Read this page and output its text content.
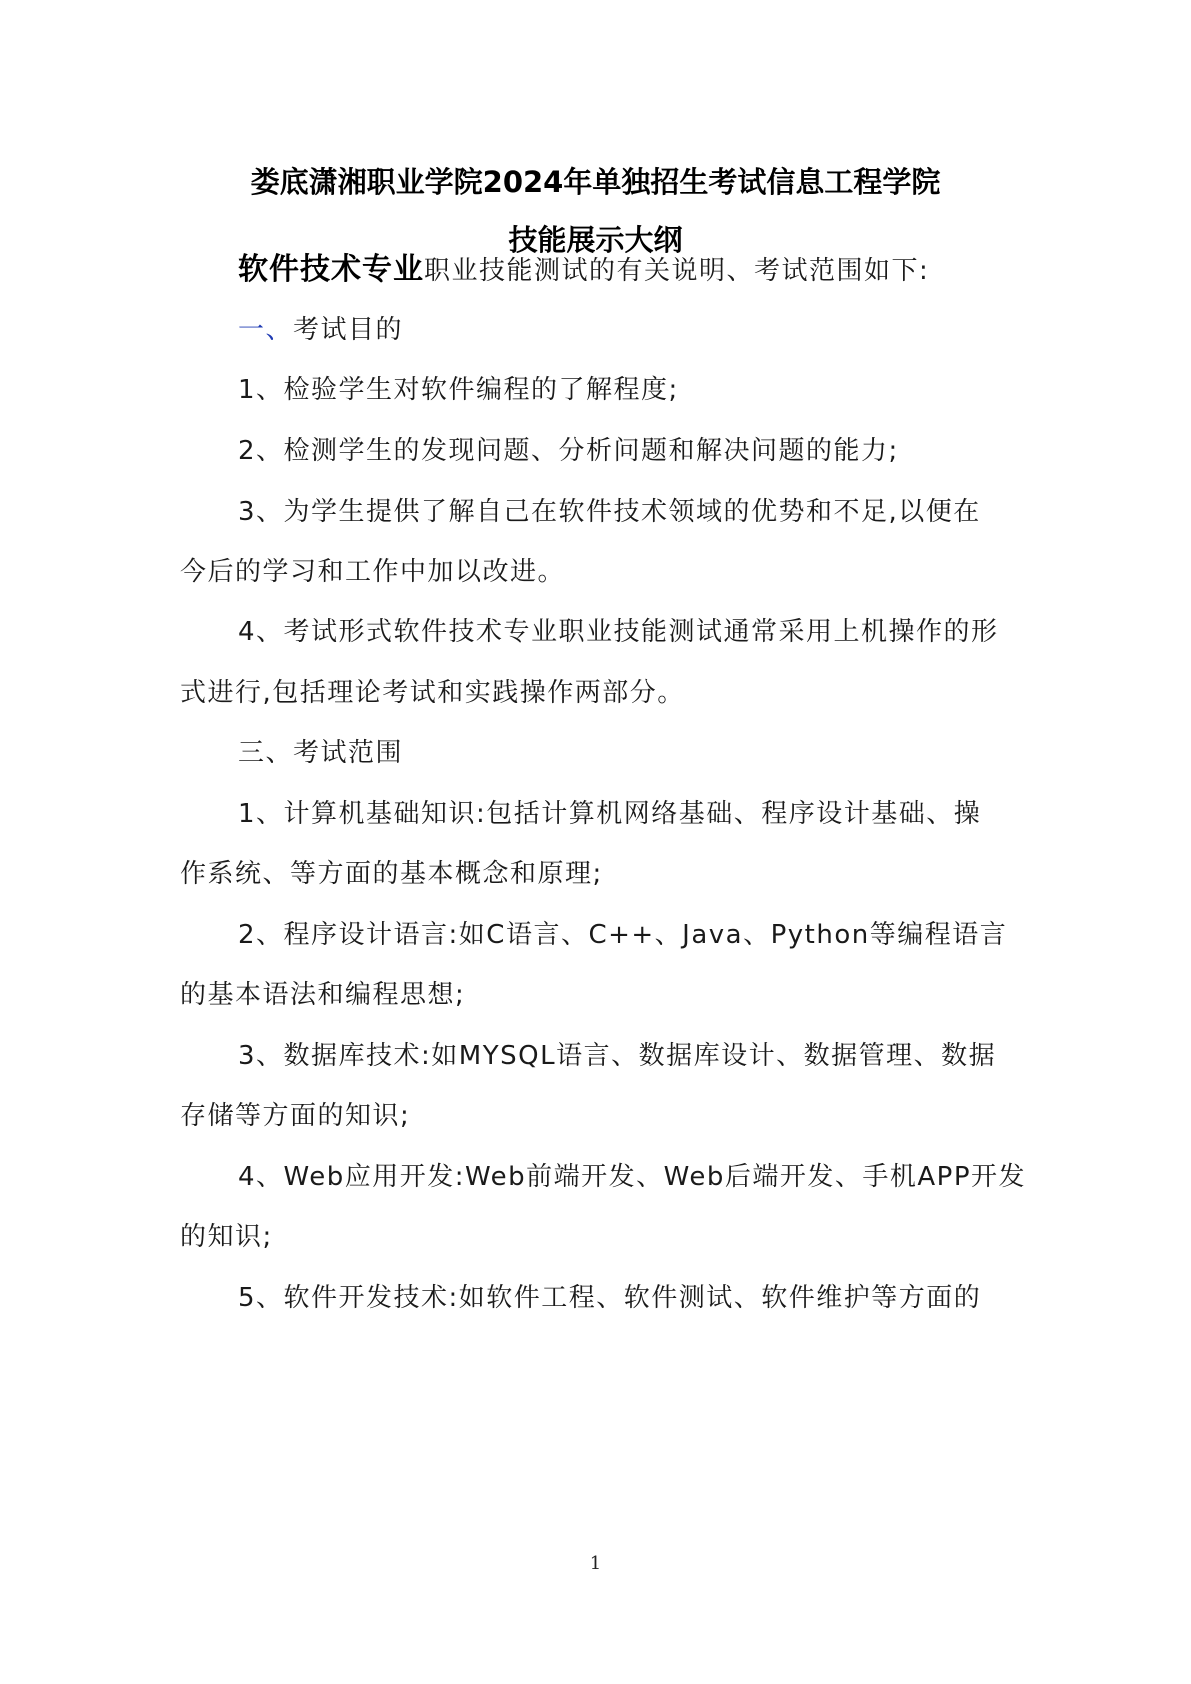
娄底潇湘职业学院2024年单独招生考试信息工程学院
技能展示大纲
软件技术专业职业技能测试的有关说明、考试范围如下:
一、考试目的
1、检验学生对软件编程的了解程度;
2、检测学生的发现问题、分析问题和解决问题的能力;
3、为学生提供了解自己在软件技术领域的优势和不足,以便在
今后的学习和工作中加以改进。
4、考试形式软件技术专业职业技能测试通常采用上机操作的形
式进行,包括理论考试和实践操作两部分。
三、考试范围
1、计算机基础知识:包括计算机网络基础、程序设计基础、操
作系统、等方面的基本概念和原理;
2、程序设计语言:如C语言、C++、Java、Python等编程语言
的基本语法和编程思想;
3、数据库技术:如MYSQL语言、数据库设计、数据管理、数据
存储等方面的知识;
4、Web应用开发:Web前端开发、Web后端开发、手机APP开发
的知识;
5、软件开发技术:如软件工程、软件测试、软件维护等方面的
1
